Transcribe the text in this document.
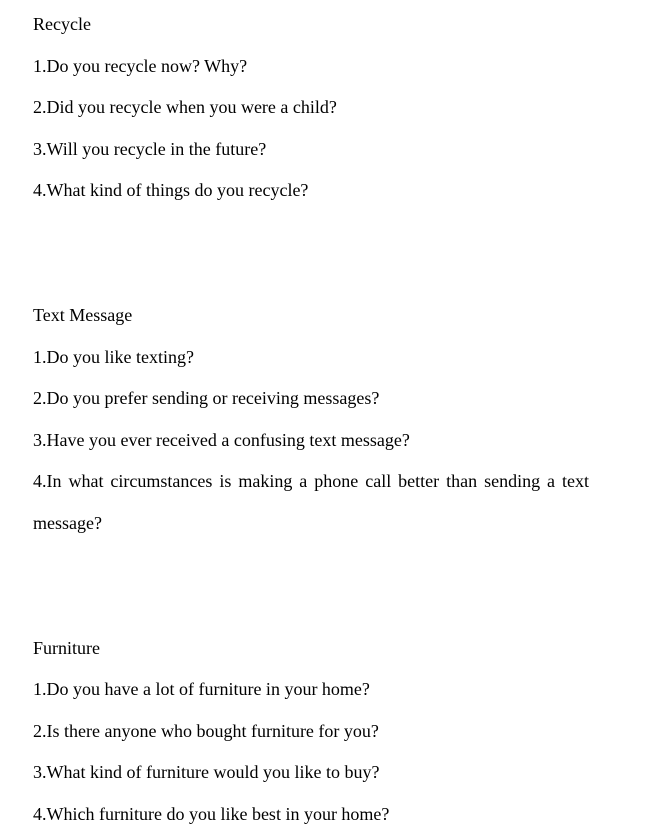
Recycle
1.Do you recycle now? Why?
2.Did you recycle when you were a child?
3.Will you recycle in the future?
4.What kind of things do you recycle?
Text Message
1.Do you like texting?
2.Do you prefer sending or receiving messages?
3.Have you ever received a confusing text message?
4.In what circumstances is making a phone call better than sending a text
message?
Furniture
1.Do you have a lot of furniture in your home?
2.Is there anyone who bought furniture for you?
3.What kind of furniture would you like to buy?
4.Which furniture do you like best in your home?
